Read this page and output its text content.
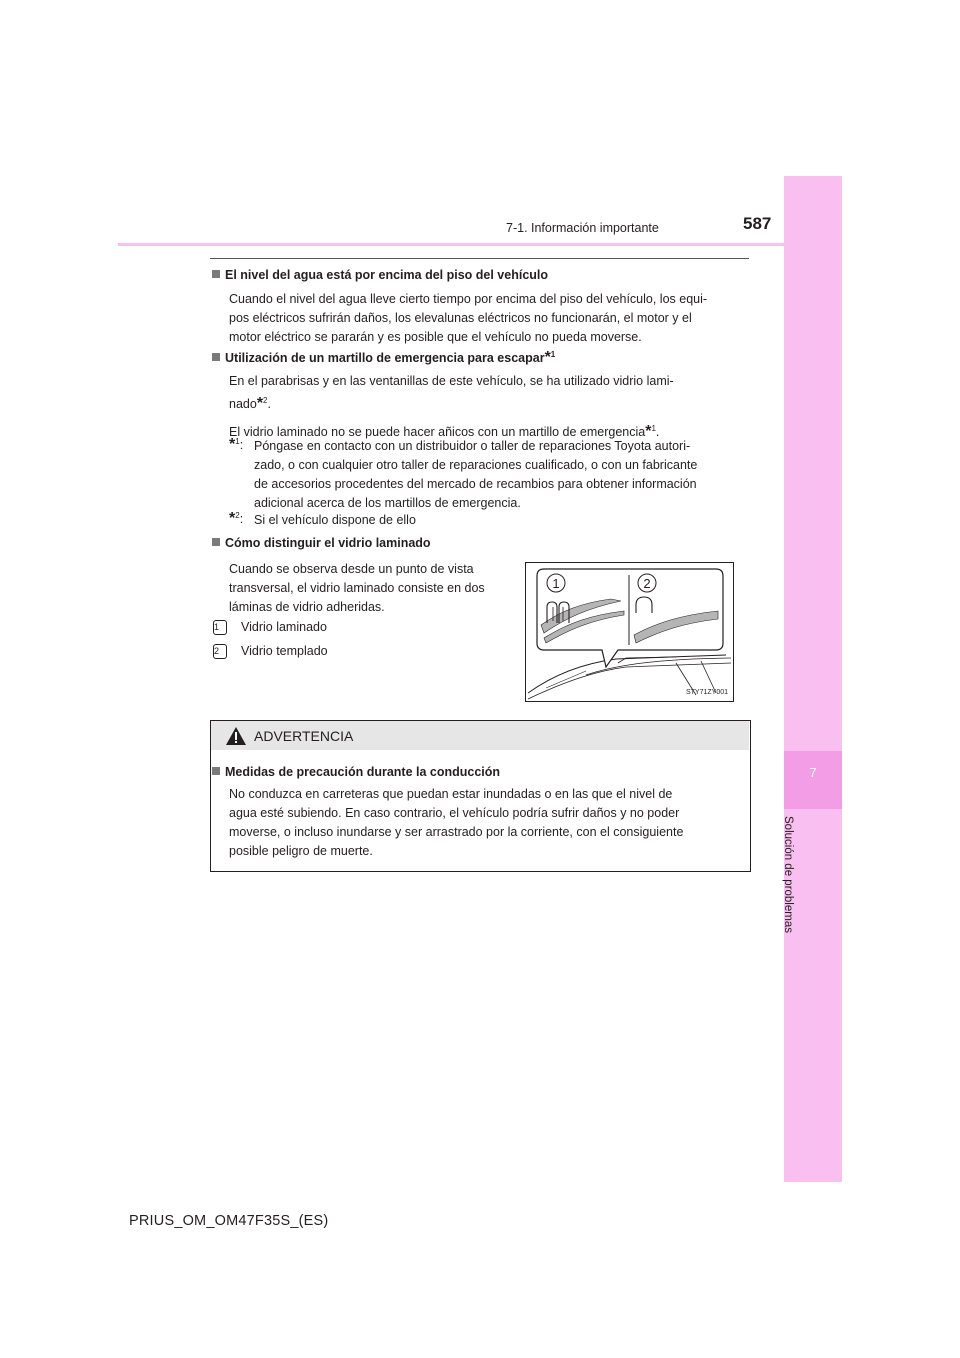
7
Solución de problemas
7-1. Información importante	587
El nivel del agua está por encima del piso del vehículo
Cuando el nivel del agua lleve cierto tiempo por encima del piso del vehículo, los equi-
pos eléctricos sufrirán daños, los elevalunas eléctricos no funcionarán, el motor y el
motor eléctrico se pararán y es posible que el vehículo no pueda moverse.
Utilización de un martillo de emergencia para escapar*$^1$
En el parabrisas y en las ventanillas de este vehículo, se ha utilizado vidrio lami-
nado*$^2$.
El vidrio laminado no se puede hacer añicos con un martillo de emergencia*$^1$.
*$^1$: Póngase en contacto con un distribuidor o taller de reparaciones Toyota autori-
zado, o con cualquier otro taller de reparaciones cualificado, o con un fabricante
de accesorios procedentes del mercado de recambios para obtener información
adicional acerca de los martillos de emergencia.
*$^2$: Si el vehículo dispone de ello
Cómo distinguir el vidrio laminado
Cuando se observa desde un punto de vista
transversal, el vidrio laminado consiste en dos
láminas de vidrio adheridas.
1 Vidrio laminado
2 Vidrio templado
1	2
STY71ZY001
ADVERTENCIA
Medidas de precaución durante la conducción
No conduzca en carreteras que puedan estar inundadas o en las que el nivel de
agua esté subiendo. En caso contrario, el vehículo podría sufrir daños y no poder
moverse, o incluso inundarse y ser arrastrado por la corriente, con el consiguiente
posible peligro de muerte.
PRIUS_OM_OM47F35S_(ES)
